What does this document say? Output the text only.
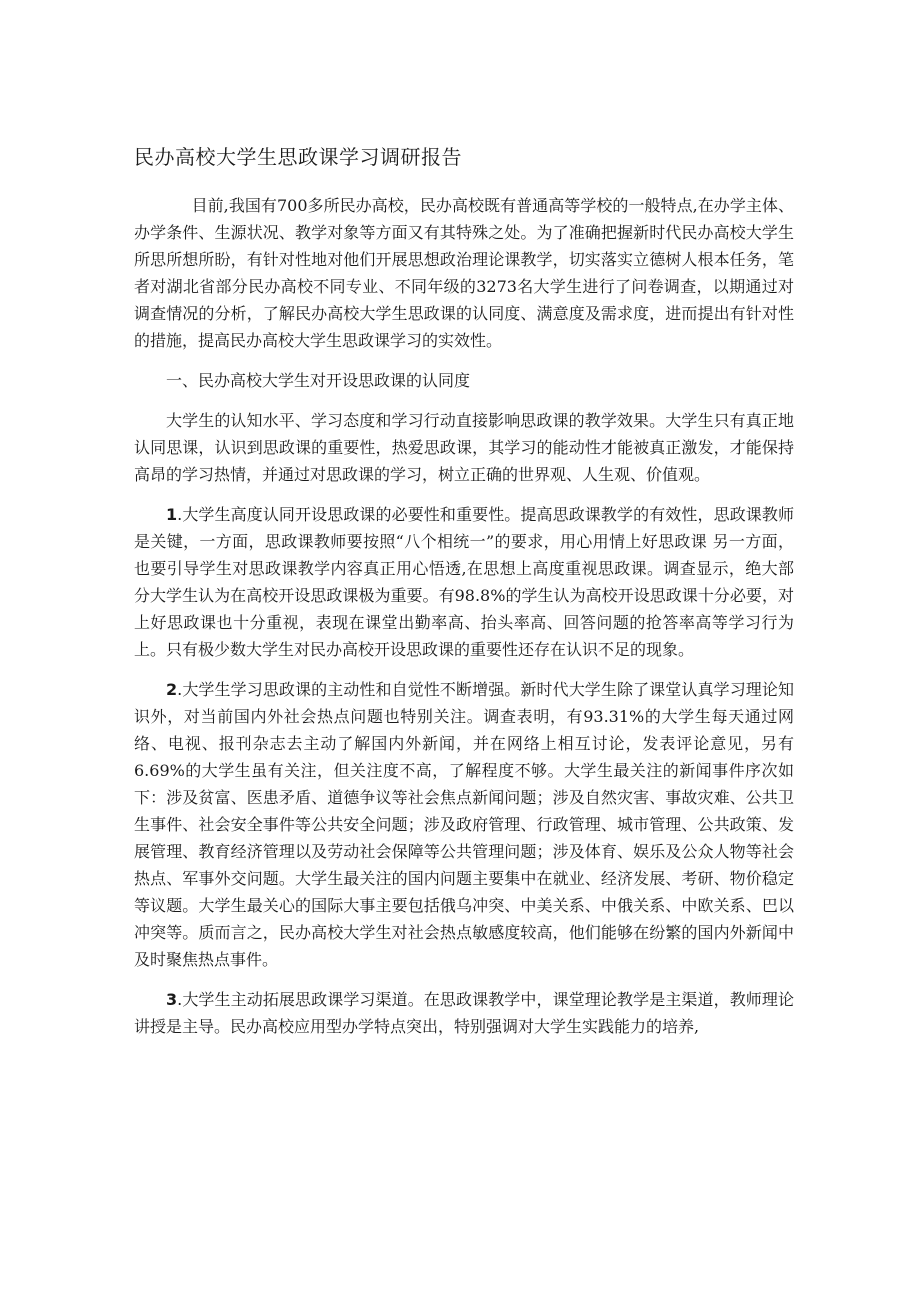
民办高校大学生思政课学习调研报告

目前,我国有700多所民办高校，民办高校既有普通高等学校的一般特点,在办学主体、办学条件、生源状况、教学对象等方面又有其特殊之处。为了准确把握新时代民办高校大学生所思所想所盼，有针对性地对他们开展思想政治理论课教学，切实落实立德树人根本任务，笔者对湖北省部分民办高校不同专业、不同年级的3273名大学生进行了问卷调查，以期通过对调查情况的分析，了解民办高校大学生思政课的认同度、满意度及需求度，进而提出有针对性的措施，提高民办高校大学生思政课学习的实效性。

一、民办高校大学生对开设思政课的认同度

大学生的认知水平、学习态度和学习行动直接影响思政课的教学效果。大学生只有真正地认同思课，认识到思政课的重要性，热爱思政课，其学习的能动性才能被真正激发，才能保持高昂的学习热情，并通过对思政课的学习，树立正确的世界观、人生观、价值观。

1.大学生高度认同开设思政课的必要性和重要性。提高思政课教学的有效性，思政课教师是关键，一方面，思政课教师要按照“八个相统一”的要求，用心用情上好思政课 另一方面，也要引导学生对思政课教学内容真正用心悟透,在思想上高度重视思政课。调查显示，绝大部分大学生认为在高校开设思政课极为重要。有98.8%的学生认为高校开设思政课十分必要，对上好思政课也十分重视，表现在课堂出勤率高、抬头率高、回答问题的抢答率高等学习行为上。只有极少数大学生对民办高校开设思政课的重要性还存在认识不足的现象。

2.大学生学习思政课的主动性和自觉性不断增强。新时代大学生除了课堂认真学习理论知识外，对当前国内外社会热点问题也特别关注。调查表明，有93.31%的大学生每天通过网络、电视、报刊杂志去主动了解国内外新闻，并在网络上相互讨论，发表评论意见，另有6.69%的大学生虽有关注，但关注度不高，了解程度不够。大学生最关注的新闻事件序次如下：涉及贫富、医患矛盾、道德争议等社会焦点新闻问题；涉及自然灾害、事故灾难、公共卫生事件、社会安全事件等公共安全问题；涉及政府管理、行政管理、城市管理、公共政策、发展管理、教育经济管理以及劳动社会保障等公共管理问题；涉及体育、娱乐及公众人物等社会热点、军事外交问题。大学生最关注的国内问题主要集中在就业、经济发展、考研、物价稳定等议题。大学生最关心的国际大事主要包括俄乌冲突、中美关系、中俄关系、中欧关系、巴以冲突等。质而言之，民办高校大学生对社会热点敏感度较高，他们能够在纷繁的国内外新闻中及时聚焦热点事件。

3.大学生主动拓展思政课学习渠道。在思政课教学中，课堂理论教学是主渠道，教师理论讲授是主导。民办高校应用型办学特点突出，特别强调对大学生实践能力的培养,
